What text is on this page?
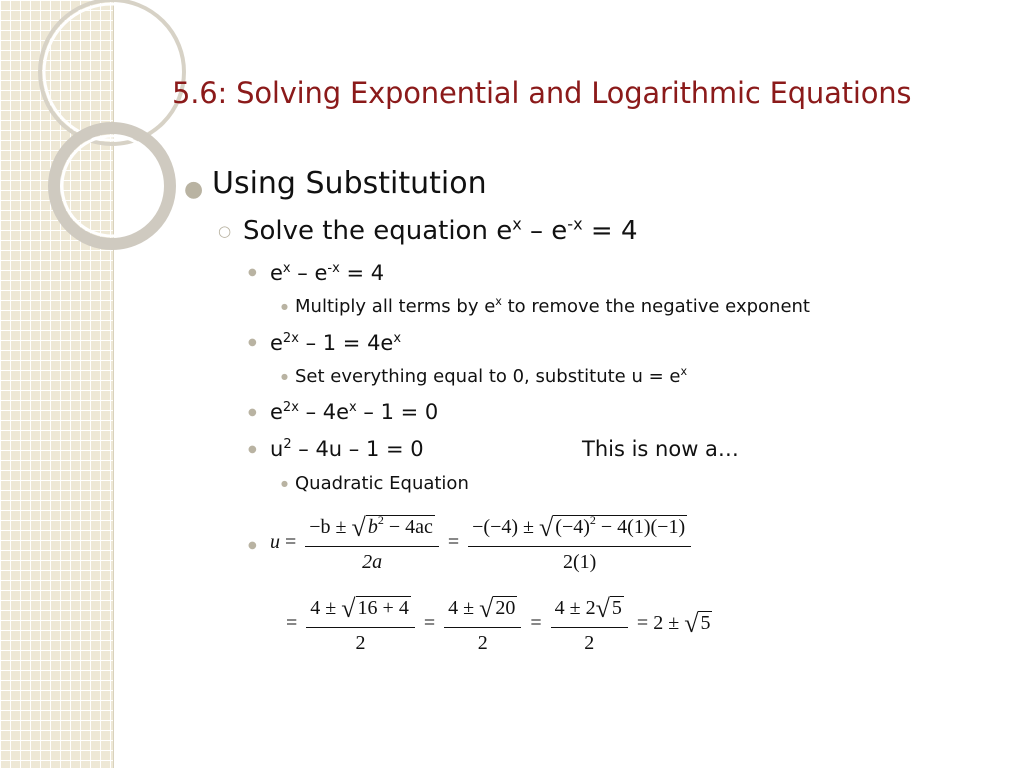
5.6: Solving Exponential and Logarithmic Equations
● Using Substitution
○ Solve the equation $e^x - e^{-x} = 4$
● $e^x - e^{-x} = 4$
● Multiply all terms by $e^x$ to remove the negative exponent
● $e^{2x} - 1 = 4e^x$
● Set everything equal to 0, substitute $u = e^x$
● $e^{2x} - 4e^x - 1 = 0$
● $u^2 - 4u - 1 = 0$	This is now a…
● Quadratic Equation
● $u = \frac{-b \pm √ b^2 - 4ac}{2a} = \frac{-(-4) \pm √ (-4)^2 - 4(1)(-1)}{2(1)}$
= $\frac{4 \pm √ 16 + 4}{2} = \frac{4 \pm √ 20}{2} = \frac{4 \pm 2√ 5}{2} = 2$ ± √ 5
